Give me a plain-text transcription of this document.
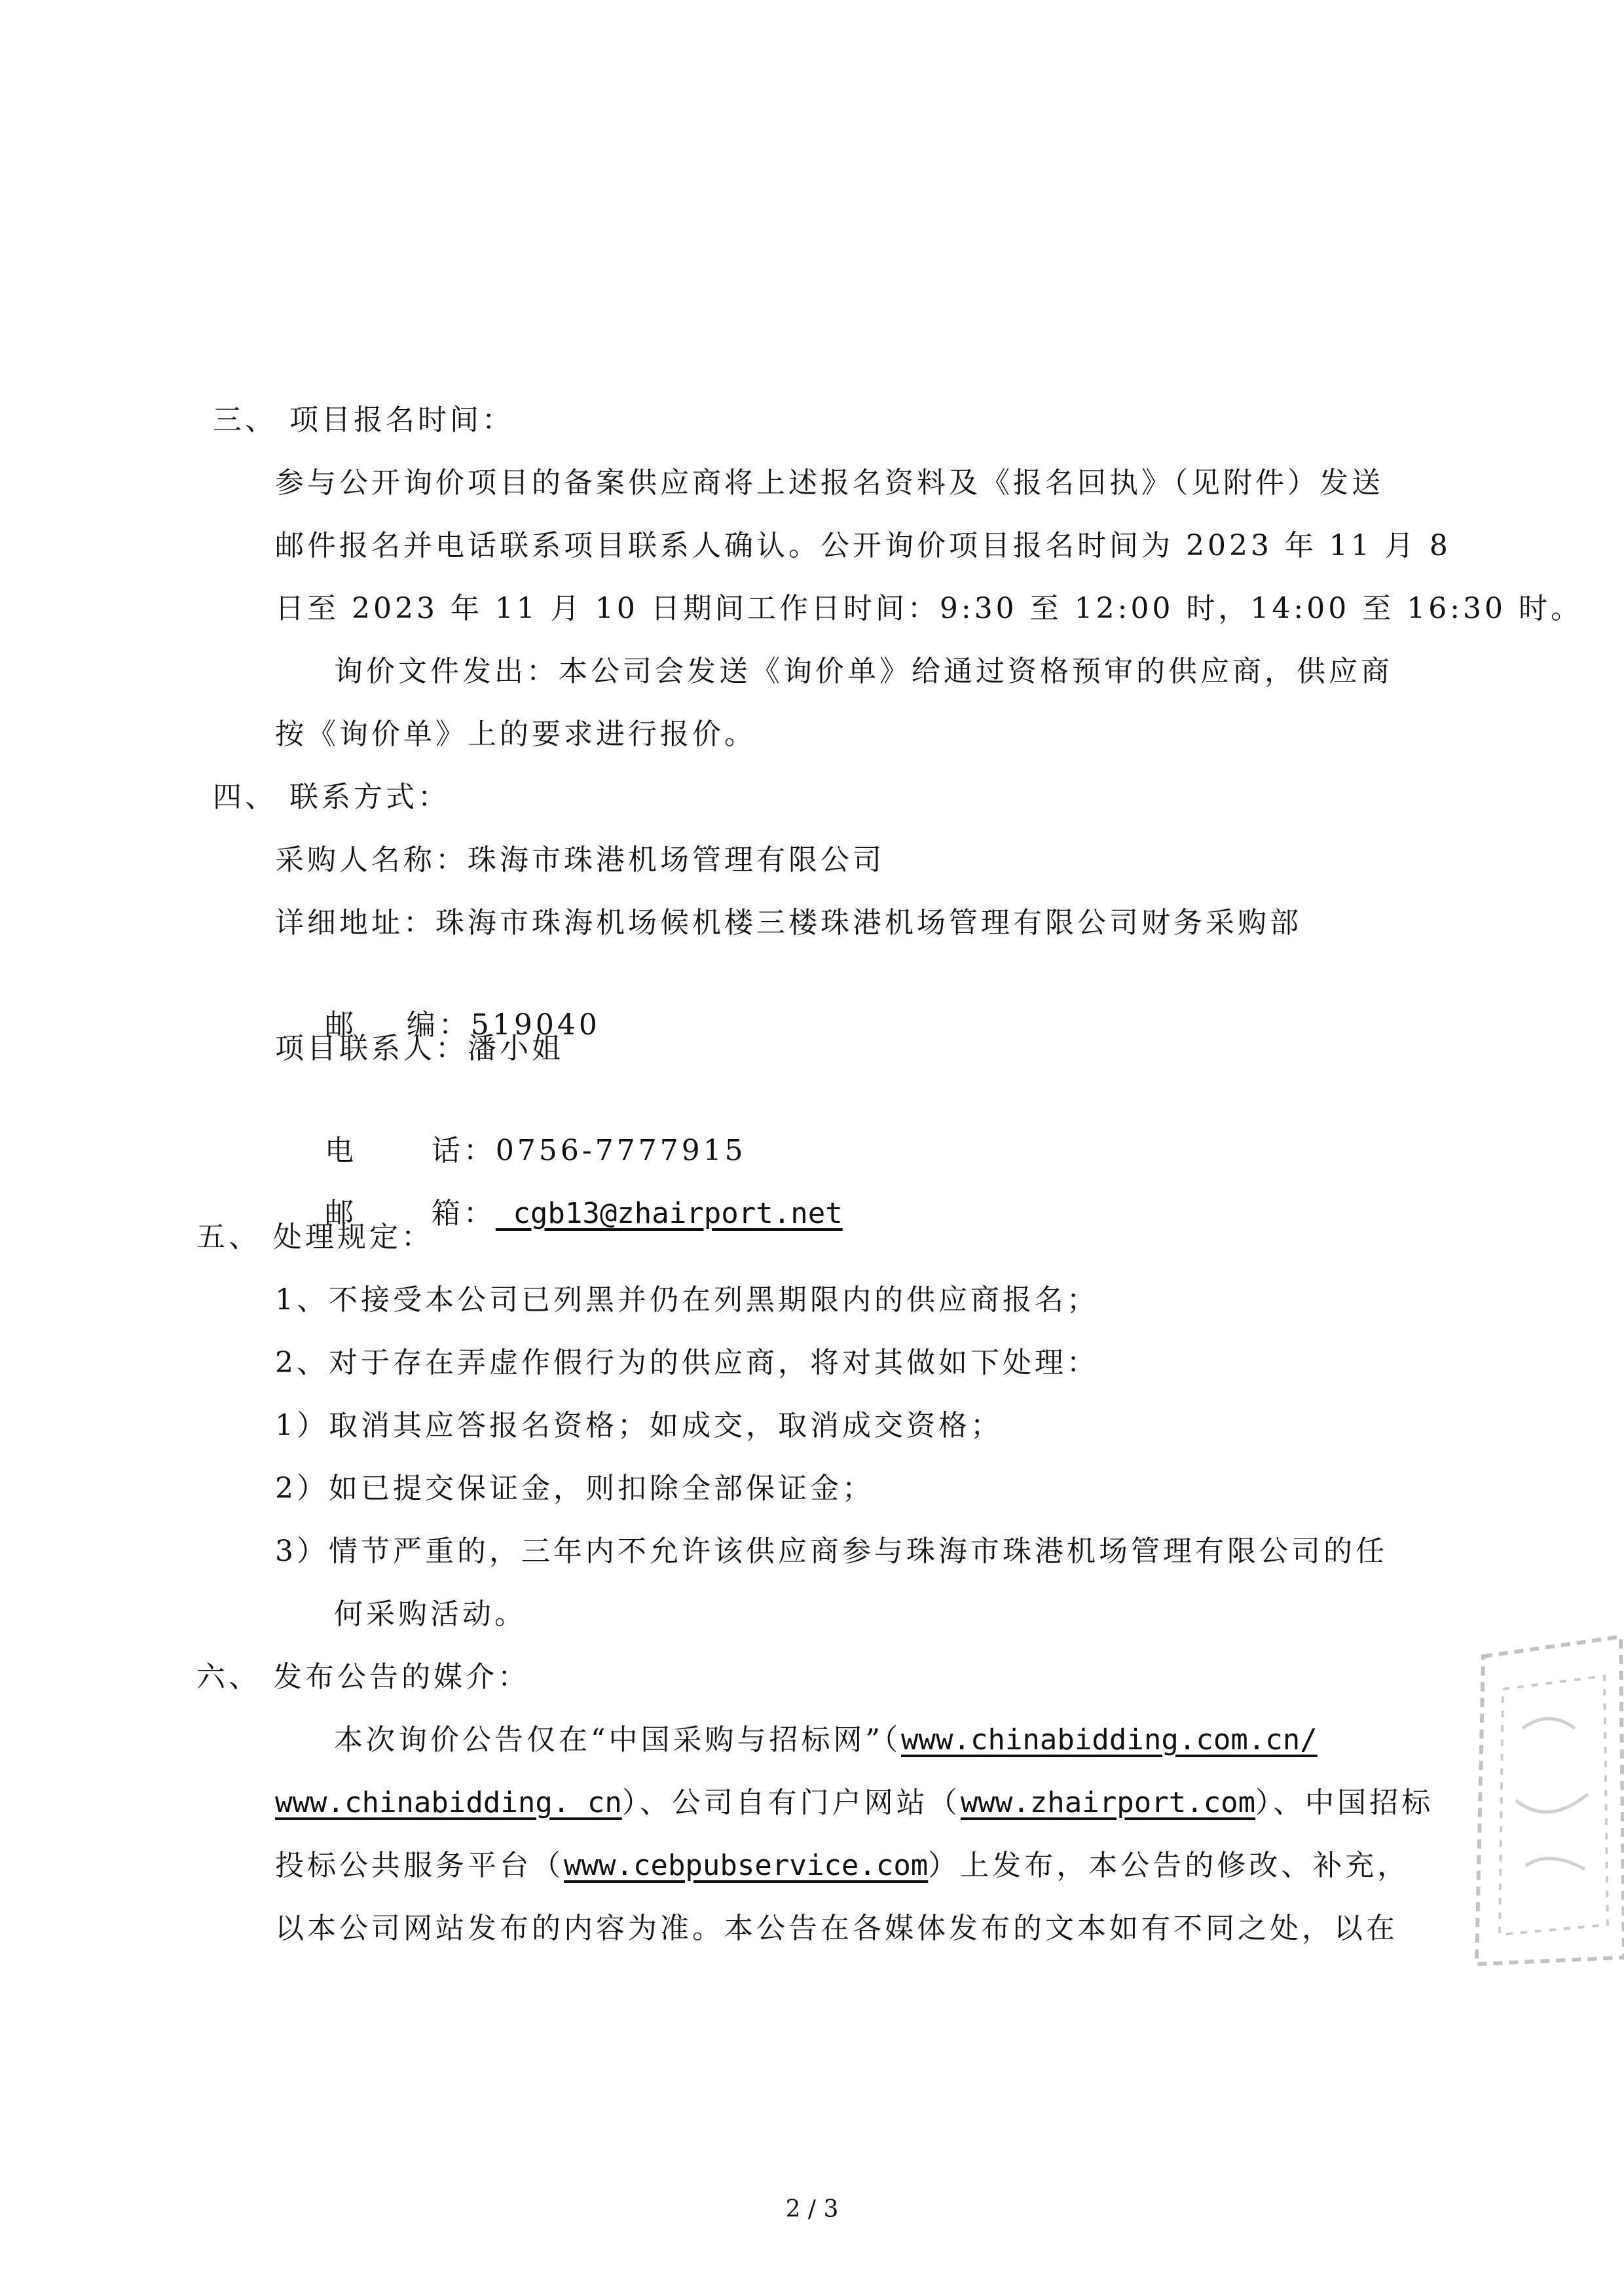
三、 项目报名时间：
参与公开询价项目的备案供应商将上述报名资料及《报名回执》（见附件）发送
邮件报名并电话联系项目联系人确认。公开询价项目报名时间为 2023 年 11 月 8
日至 2023 年 11 月 10 日期间工作日时间：9:30 至 12:00 时，14:00 至 16:30 时。
询价文件发出：本公司会发送《询价单》给通过资格预审的供应商，供应商
按《询价单》上的要求进行报价。
四、 联系方式：
采购人名称：珠海市珠港机场管理有限公司
详细地址：珠海市珠海机场候机楼三楼珠港机场管理有限公司财务采购部

邮    编：519040

项目联系人：潘小姐

电      话：0756-7777915

邮      箱： cgb13@zhairport.net

五、 处理规定：
1、不接受本公司已列黑并仍在列黑期限内的供应商报名；
2、对于存在弄虚作假行为的供应商，将对其做如下处理：
1）取消其应答报名资格；如成交，取消成交资格；
2）如已提交保证金，则扣除全部保证金；
3）情节严重的，三年内不允许该供应商参与珠海市珠港机场管理有限公司的任
何采购活动。
六、 发布公告的媒介：
本次询价公告仅在“中国采购与招标网”（www.chinabidding.com.cn/
www.chinabidding. cn）、公司自有门户网站（www.zhairport.com）、中国招标
投标公共服务平台（www.cebpubservice.com）上发布，本公告的修改、补充，
以本公司网站发布的内容为准。本公告在各媒体发布的文本如有不同之处，以在
2 / 3
